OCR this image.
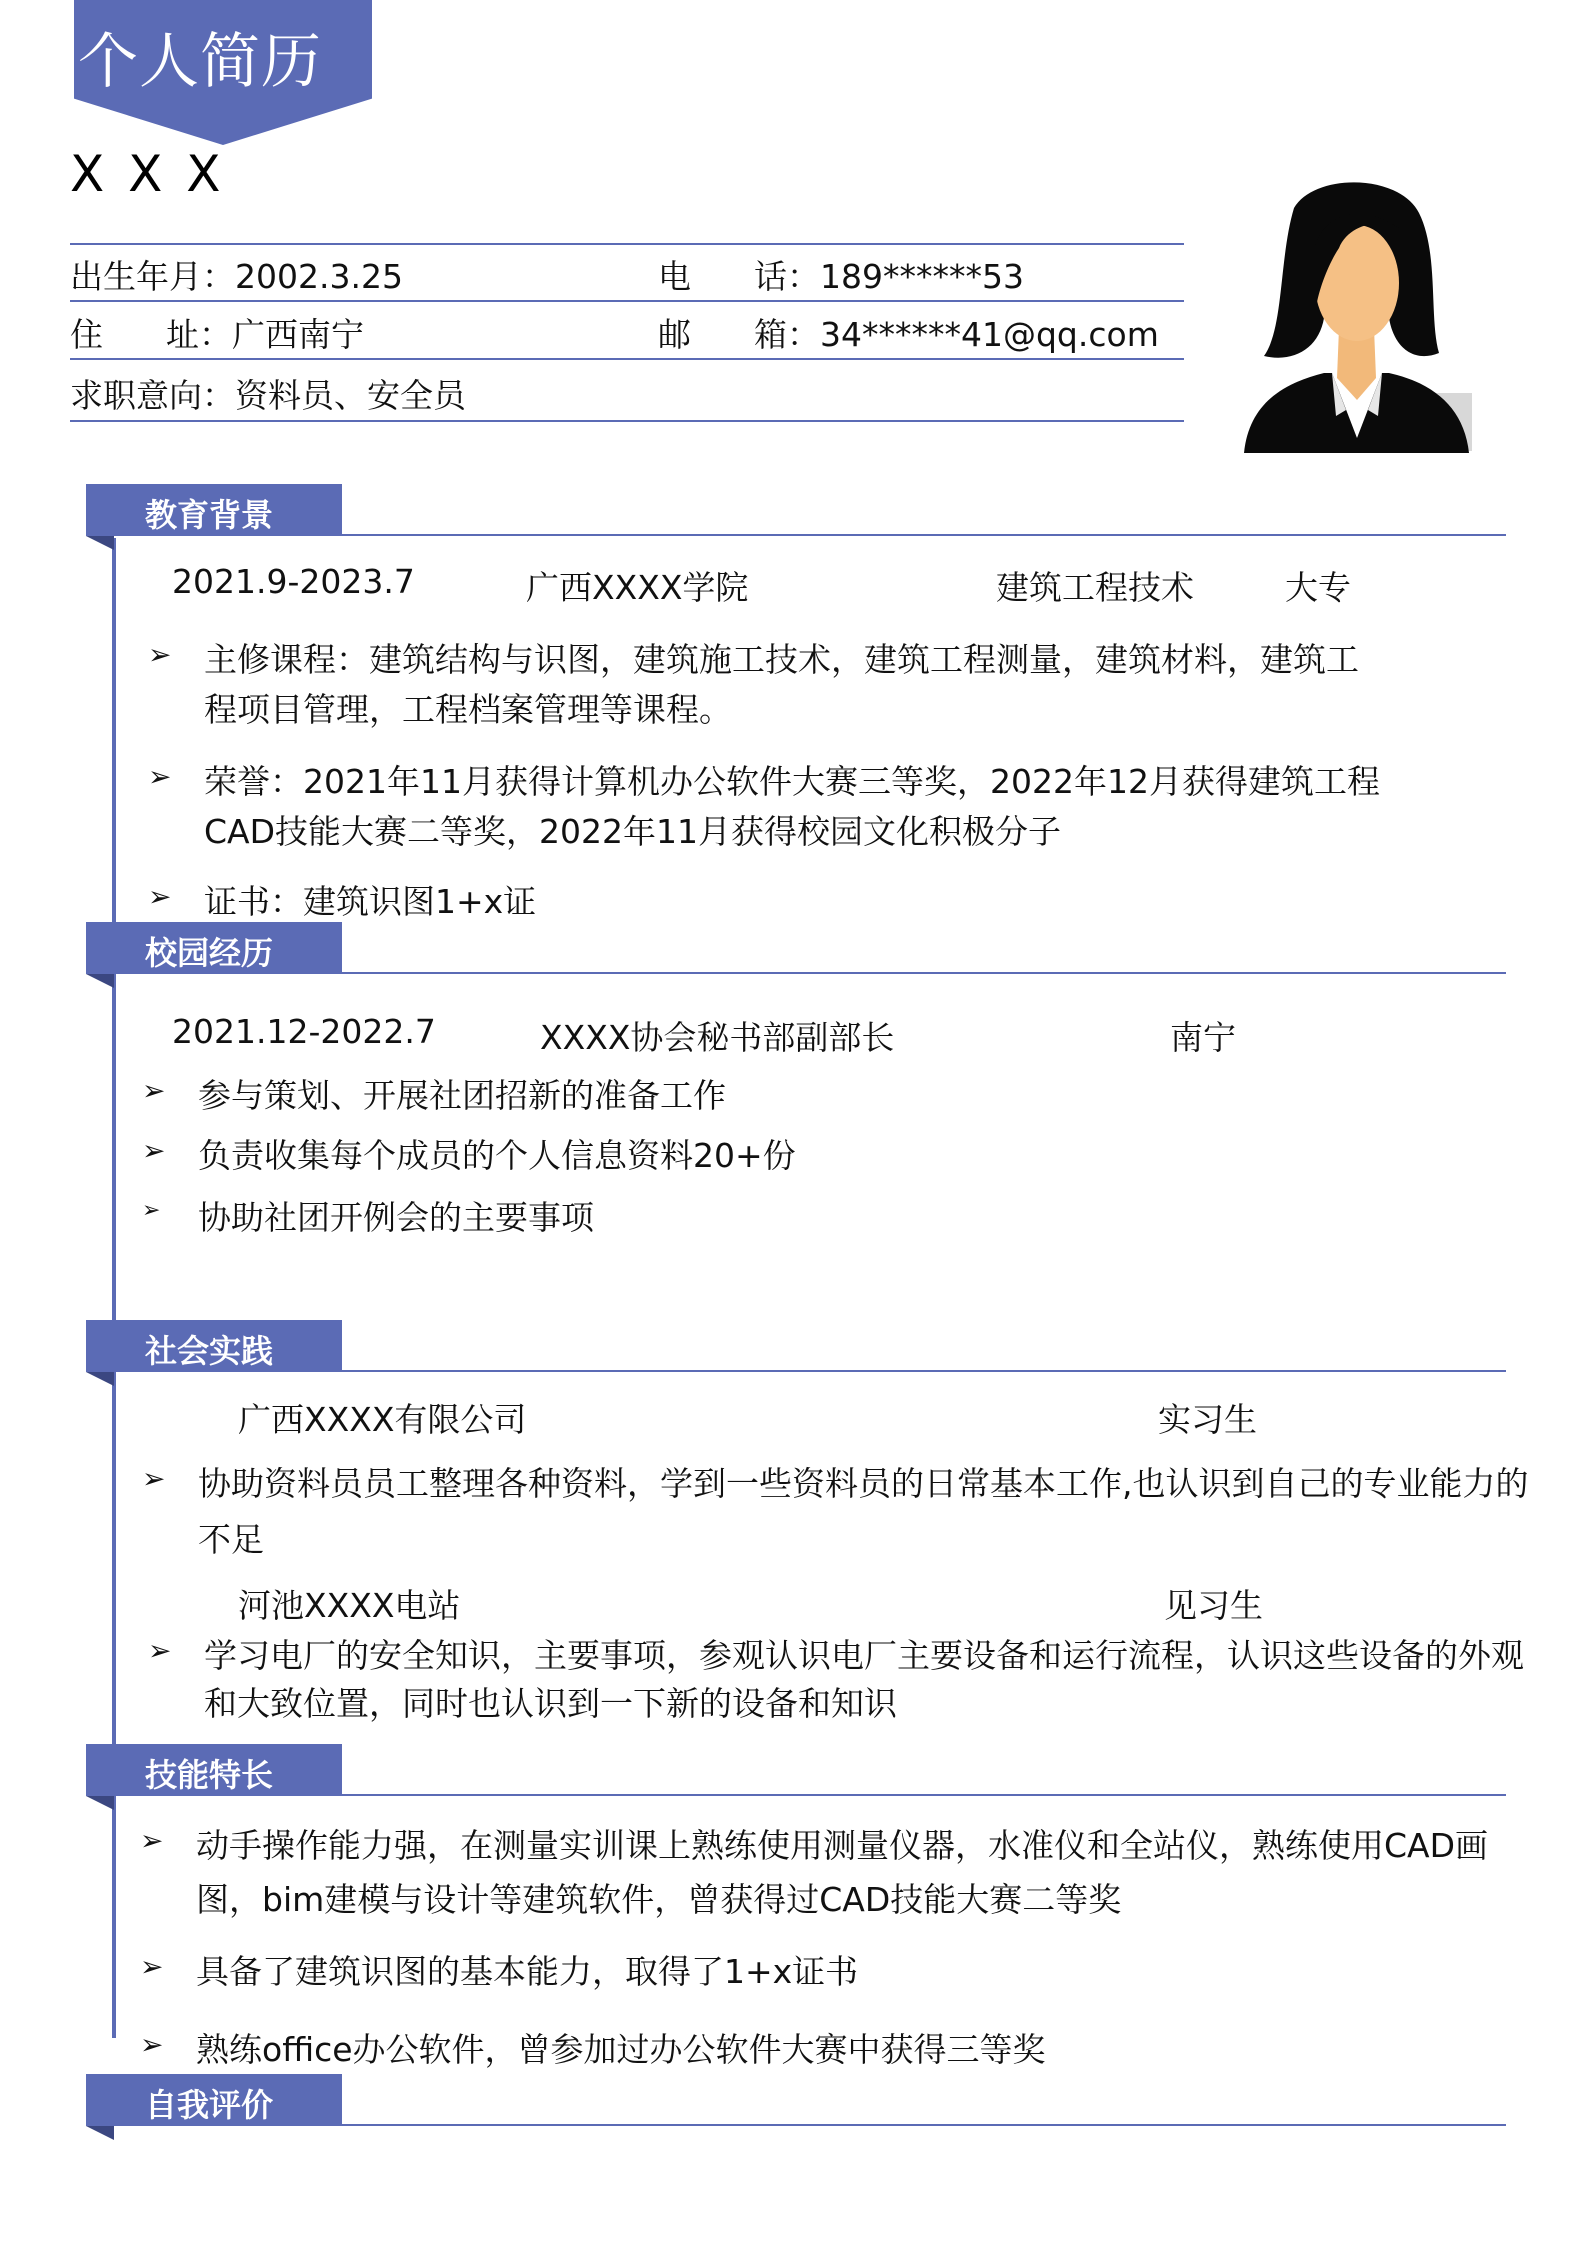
个人简历
X X X
出生年月：2002.3.25	电 话：189******53
住 址：广西南宁	邮 箱：34******41@qq.com
求职意向：资料员、安全员
教育背景
2021.9-2023.7	广西XXXX学院	建筑工程技术	大专
➢ 主修课程：建筑结构与识图，建筑施工技术，建筑工程测量，建筑材料，建筑工
程项目管理，工程档案管理等课程。
➢ 荣誉：2021年11月获得计算机办公软件大赛三等奖，2022年12月获得建筑工程
CAD技能大赛二等奖，2022年11月获得校园文化积极分子
➢ 证书：建筑识图1+x证
校园经历
2021.12-2022.7	XXXX协会秘书部副部长	南宁
➢ 参与策划、开展社团招新的准备工作
➢ 负责收集每个成员的个人信息资料20+份
➢ 协助社团开例会的主要事项
社会实践
广西XXXX有限公司	实习生
➢ 协助资料员员工整理各种资料，学到一些资料员的日常基本工作,也认识到自己的专业能力的
不足
河池XXXX电站	见习生
➢ 学习电厂的安全知识，主要事项，参观认识电厂主要设备和运行流程，认识这些设备的外观
和大致位置，同时也认识到一下新的设备和知识
技能特长
➢ 动手操作能力强，在测量实训课上熟练使用测量仪器，水准仪和全站仪，熟练使用CAD画
图，bim建模与设计等建筑软件，曾获得过CAD技能大赛二等奖
➢ 具备了建筑识图的基本能力，取得了1+x证书
➢ 熟练office办公软件，曾参加过办公软件大赛中获得三等奖
自我评价
